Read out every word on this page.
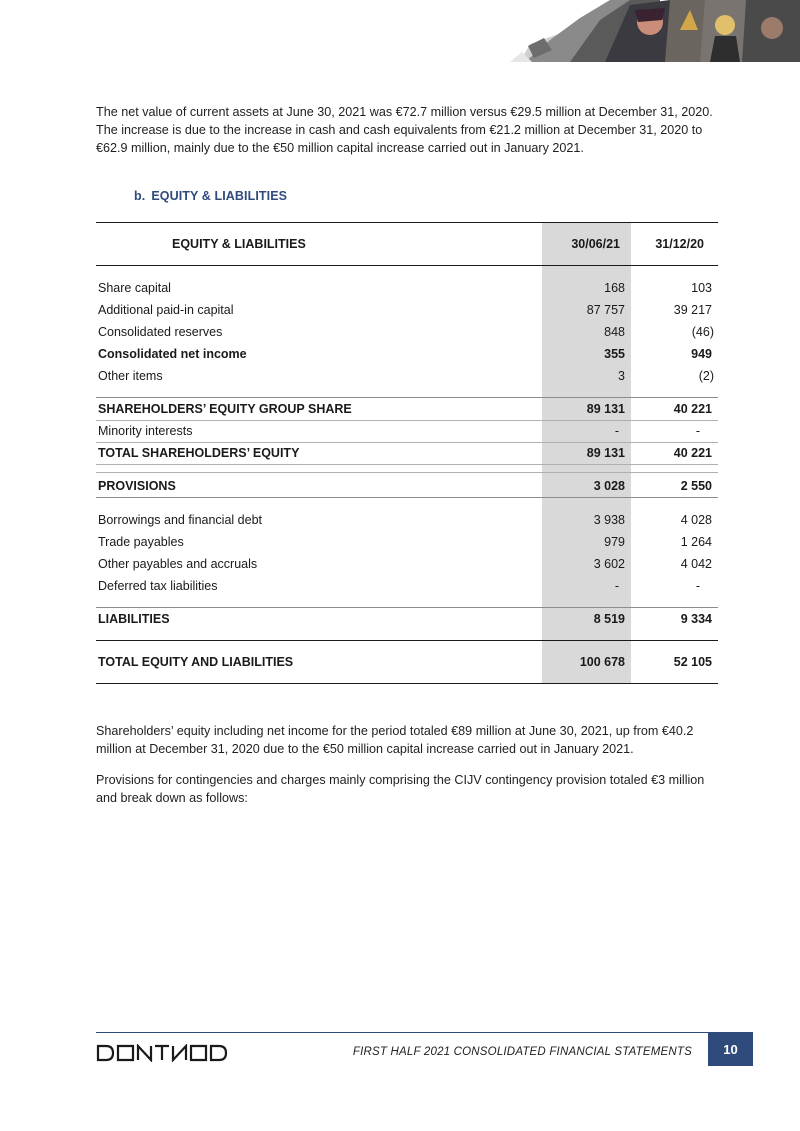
The net value of current assets at June 30, 2021 was €72.7 million versus €29.5 million at December 31, 2020. The increase is due to the increase in cash and cash equivalents from €21.2 million at December 31, 2020 to €62.9 million, mainly due to the €50 million capital increase carried out in January 2021.

b. EQUITY & LIABILITIES
EQUITY & LIABILITIES	30/06/21	31/12/20
Share capital	168	103
Additional paid-in capital	87 757	39 217
Consolidated reserves	848	(46)
Consolidated net income	355	949
Other items	3	(2)
SHAREHOLDERS’ EQUITY GROUP SHARE	89 131	40 221
Minority interests	-	-
TOTAL SHAREHOLDERS’ EQUITY	89 131	40 221
PROVISIONS	3 028	2 550
Borrowings and financial debt	3 938	4 028
Trade payables	979	1 264
Other payables and accruals	3 602	4 042
Deferred tax liabilities	-	-
LIABILITIES	8 519	9 334
TOTAL EQUITY AND LIABILITIES	100 678	52 105

Shareholders’ equity including net income for the period totaled €89 million at June 30, 2021, up from €40.2 million at December 31, 2020 due to the €50 million capital increase carried out in January 2021.

Provisions for contingencies and charges mainly comprising the CIJV contingency provision totaled €3 million and break down as follows:

FIRST HALF 2021 CONSOLIDATED FINANCIAL STATEMENTS	10
